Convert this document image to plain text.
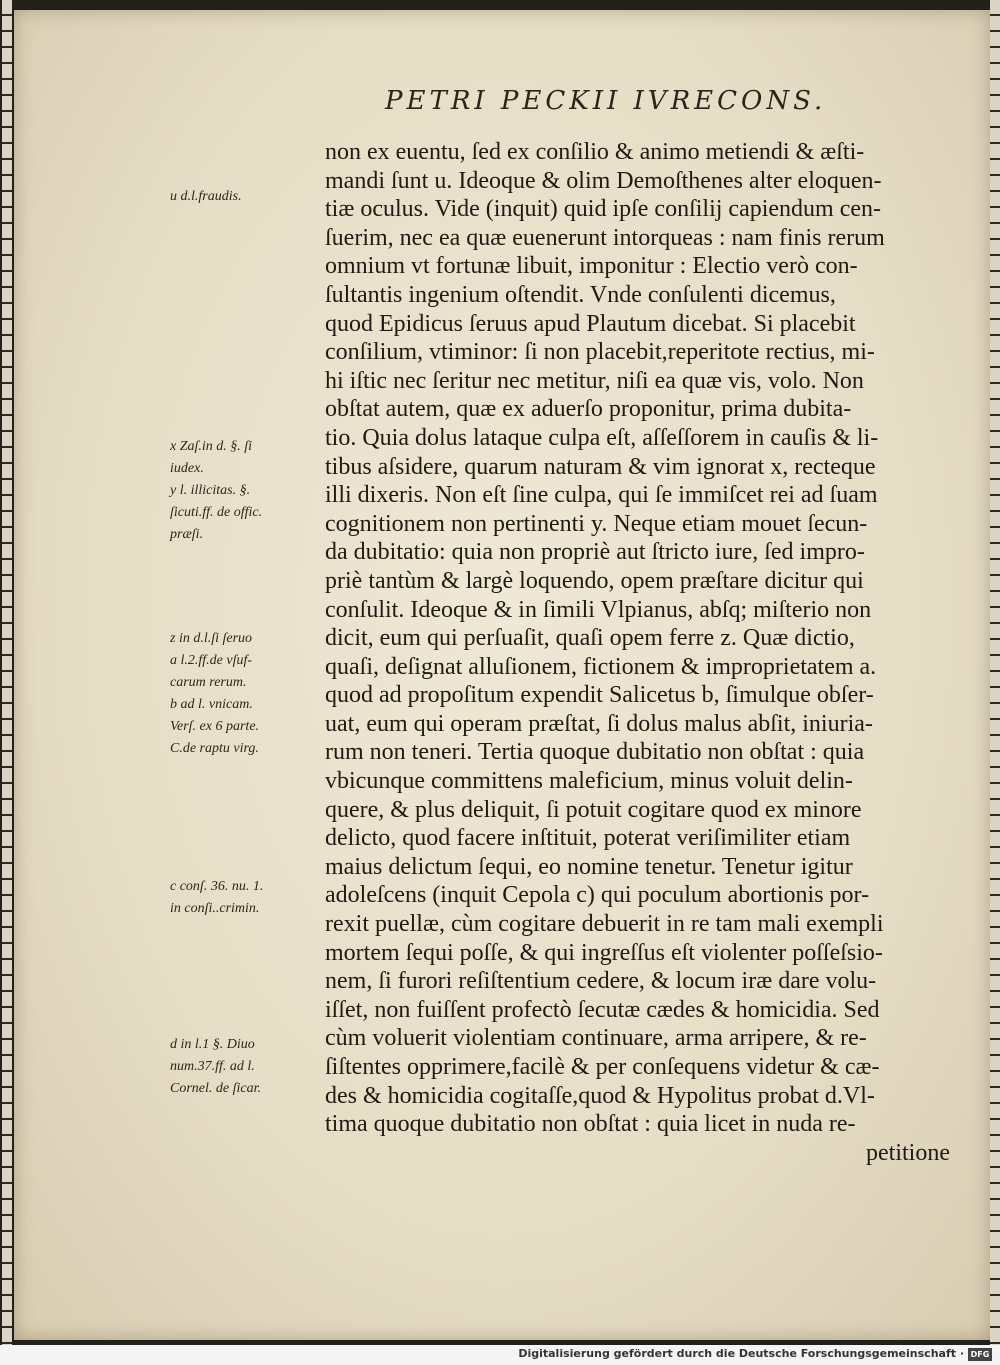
PETRI PECKII IVRECONS.
non ex euentu, ſed ex conſilio & animo metiendi & æſti-
mandi ſunt u. Ideoque & olim Demoſthenes alter eloquen-
tiæ oculus. Vide (inquit) quid ipſe conſilij capiendum cen-
ſuerim, nec ea quæ euenerunt intorqueas : nam finis rerum
omnium vt fortunæ libuit, imponitur : Electio verò con-
ſultantis ingenium oſtendit. Vnde conſulenti dicemus,
quod Epidicus ſeruus apud Plautum dicebat. Si placebit
conſilium, vtiminor: ſi non placebit,reperitote rectius, mi-
hi iſtic nec ſeritur nec metitur, niſi ea quæ vis, volo. Non
obſtat autem, quæ ex aduerſo proponitur, prima dubita-
tio. Quia dolus lataque culpa eſt, aſſeſſorem in cauſis & li-
tibus aſsidere, quarum naturam & vim ignorat x, recteque
illi dixeris. Non eſt ſine culpa, qui ſe immiſcet rei ad ſuam
cognitionem non pertinenti y. Neque etiam mouet ſecun-
da dubitatio: quia non propriè aut ſtricto iure, ſed impro-
priè tantùm & largè loquendo, opem præſtare dicitur qui
conſulit. Ideoque & in ſimili Vlpianus, abſq; miſterio non
dicit, eum qui perſuaſit, quaſi opem ferre z. Quæ dictio,
quaſi, deſignat alluſionem, fictionem & improprietatem a.
quod ad propoſitum expendit Salicetus b, ſimulque obſer-
uat, eum qui operam præſtat, ſi dolus malus abſit, iniuria-
rum non teneri. Tertia quoque dubitatio non obſtat : quia
vbicunque committens maleficium, minus voluit delin-
quere, & plus deliquit, ſi potuit cogitare quod ex minore
delicto, quod facere inſtituit, poterat veriſimiliter etiam
maius delictum ſequi, eo nomine tenetur. Tenetur igitur
adoleſcens (inquit Cepola c) qui poculum abortionis por-
rexit puellæ, cùm cogitare debuerit in re tam mali exempli
mortem ſequi poſſe, & qui ingreſſus eſt violenter poſſeſsio-
nem, ſi furori reſiſtentium cedere, & locum iræ dare volu-
iſſet, non fuiſſent profectò ſecutæ cædes & homicidia. Sed
cùm voluerit violentiam continuare, arma arripere, & re-
ſiſtentes opprimere,facilè & per conſequens videtur & cæ-
des & homicidia cogitaſſe,quod & Hypolitus probat d.Vl-
tima quoque dubitatio non obſtat : quia licet in nuda re-
petitione
u d.l.fraudis.
x Zaſ.in d. §. ſi
iudex.
y l. illicitas. §.
ſicuti.ff. de offic.
præſi.
z in d.l.ſi ſeruo
a l.2.ff.de vſuf-
carum rerum.
b ad l. vnicam.
Verſ. ex 6 parte.
C.de raptu virg.
c conſ. 36. nu. 1.
in conſi..crimin.
d in l.1 §. Diuo
num.37.ff. ad l.
Cornel. de ſicar.
Digitalisierung gefördert durch die Deutsche Forschungsgemeinschaft · DFG
